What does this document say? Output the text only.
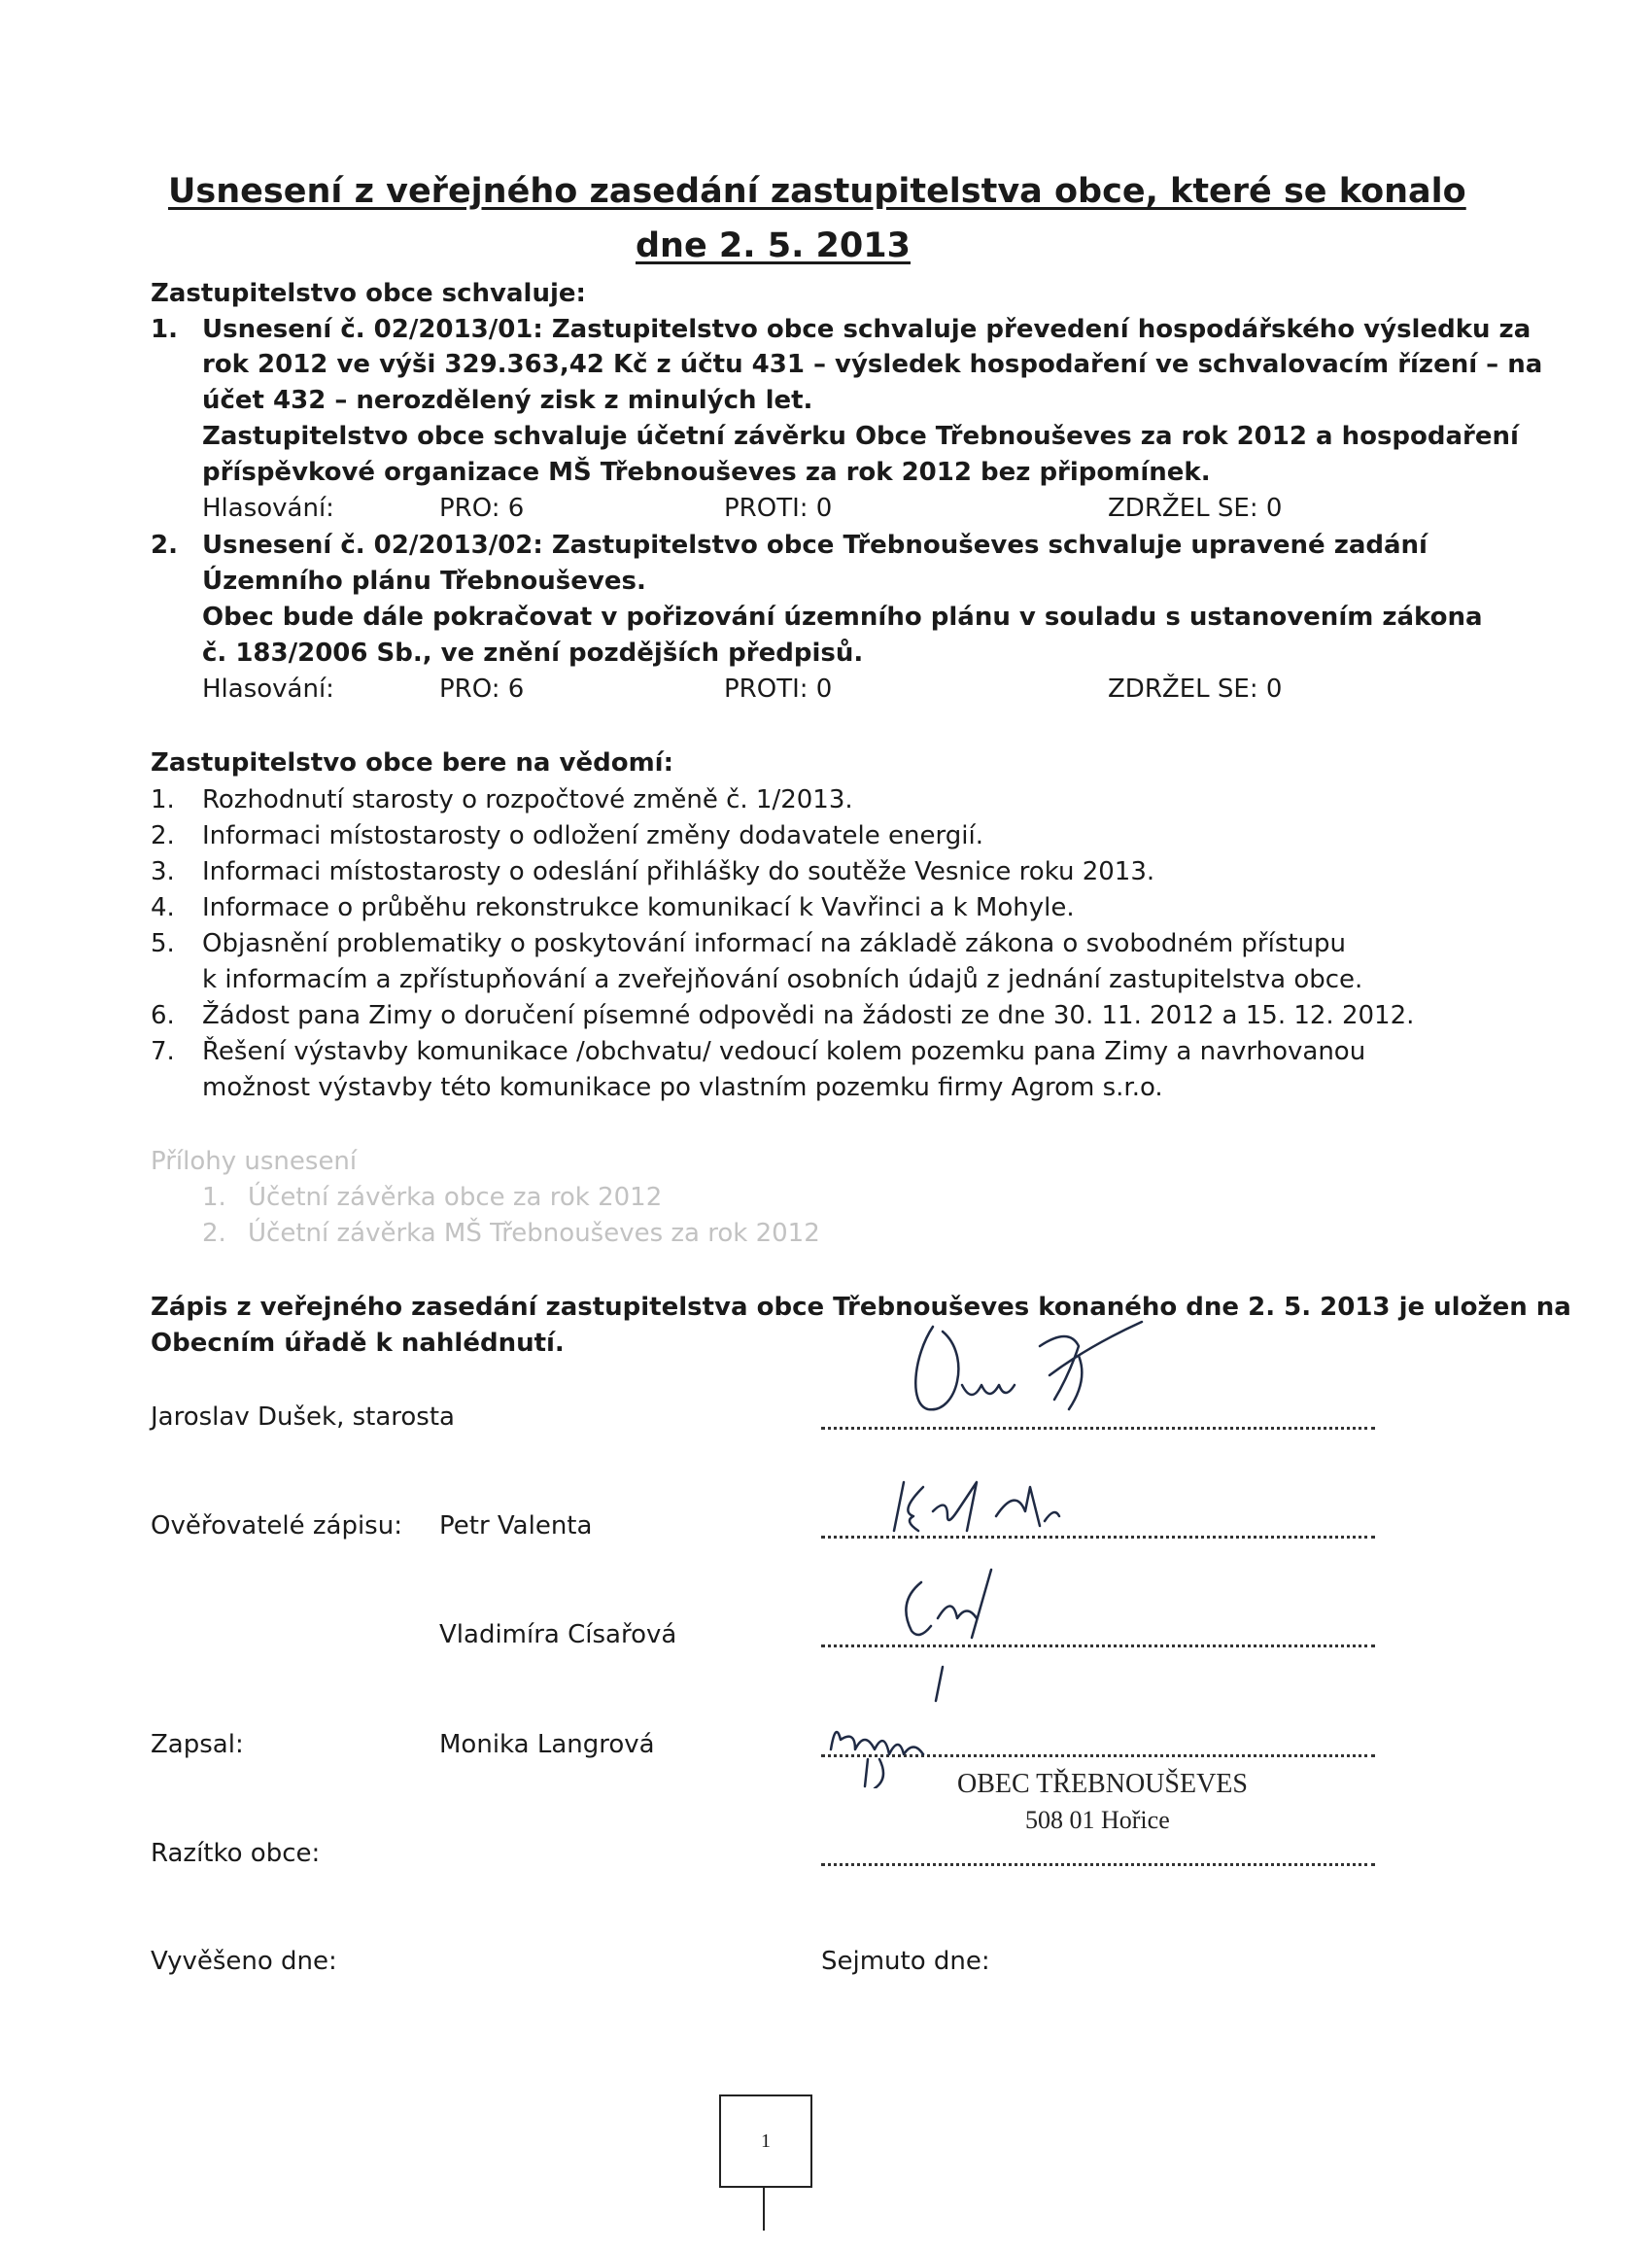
Usnesení z veřejného zasedání zastupitelstva obce, které se konalo
dne 2. 5. 2013
Zastupitelstvo obce schvaluje:
1. Usnesení č. 02/2013/01: Zastupitelstvo obce schvaluje převedení hospodářského výsledku za
rok 2012 ve výši 329.363,42 Kč z účtu 431 – výsledek hospodaření ve schvalovacím řízení – na
účet 432 – nerozdělený zisk z minulých let.
Zastupitelstvo obce schvaluje účetní závěrku Obce Třebnouševes za rok 2012 a hospodaření
příspěvkové organizace MŠ Třebnouševes za rok 2012 bez připomínek.
Hlasování:	PRO: 6	PROTI: 0	ZDRŽEL SE: 0
2. Usnesení č. 02/2013/02: Zastupitelstvo obce Třebnouševes schvaluje upravené zadání
Územního plánu Třebnouševes.
Obec bude dále pokračovat v pořizování územního plánu v souladu s ustanovením zákona
č. 183/2006 Sb., ve znění pozdějších předpisů.
Hlasování:	PRO: 6	PROTI: 0	ZDRŽEL SE: 0
Zastupitelstvo obce bere na vědomí:
1. Rozhodnutí starosty o rozpočtové změně č. 1/2013.
2. Informaci místostarosty o odložení změny dodavatele energií.
3. Informaci místostarosty o odeslání přihlášky do soutěže Vesnice roku 2013.
4. Informace o průběhu rekonstrukce komunikací k Vavřinci a k Mohyle.
5. Objasnění problematiky o poskytování informací na základě zákona o svobodném přístupu
k informacím a zpřístupňování a zveřejňování osobních údajů z jednání zastupitelstva obce.
6. Žádost pana Zimy o doručení písemné odpovědi na žádosti ze dne 30. 11. 2012 a 15. 12. 2012.
7. Řešení výstavby komunikace /obchvatu/ vedoucí kolem pozemku pana Zimy a navrhovanou
možnost výstavby této komunikace po vlastním pozemku firmy Agrom s.r.o.
Přílohy usnesení
1. Účetní závěrka obce za rok 2012
2. Účetní závěrka MŠ Třebnouševes za rok 2012
Zápis z veřejného zasedání zastupitelstva obce Třebnouševes konaného dne 2. 5. 2013 je uložen na
Obecním úřadě k nahlédnutí.
Jaroslav Dušek, starosta
Ověřovatelé zápisu: Petr Valenta
Vladimíra Císařová
Zapsal:	Monika Langrová
OBEC TŘEBNOUŠEVES
508 01 Hořice
Razítko obce:
Vyvěšeno dne:	Sejmuto dne:
1
